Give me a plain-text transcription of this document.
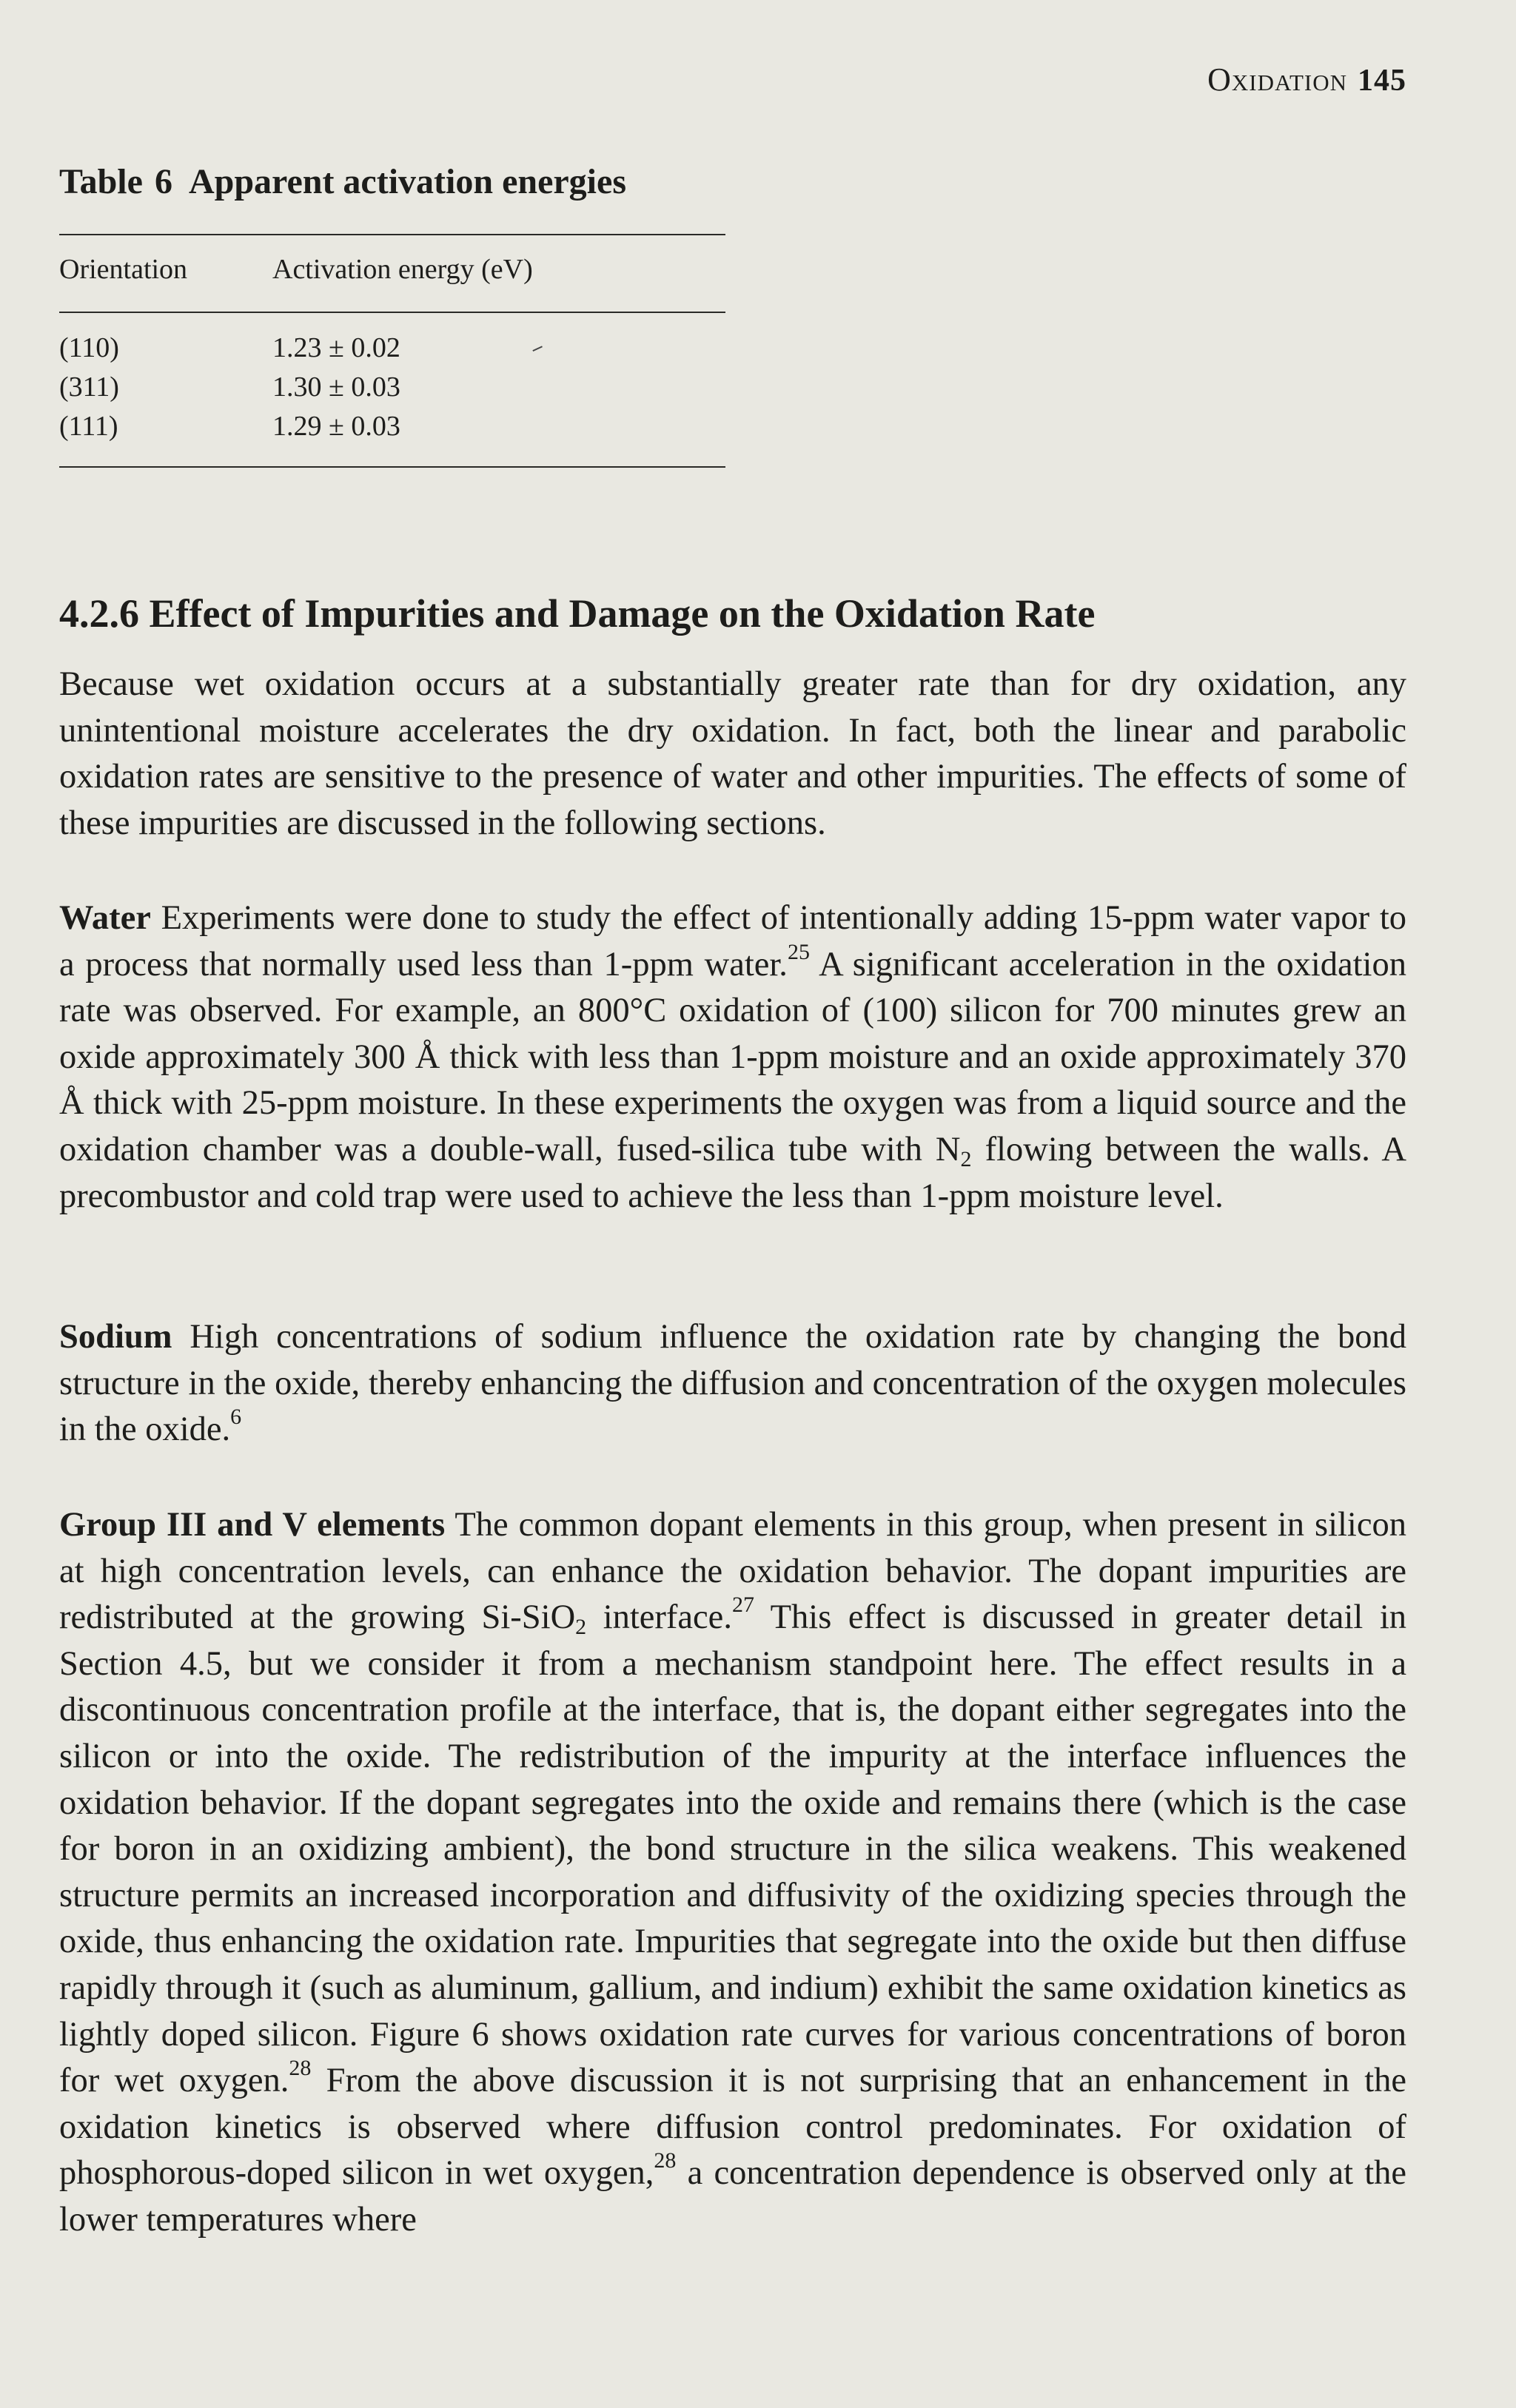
Oxidation 145
Table 6 Apparent activation energies
Orientation	Activation energy (eV)
(110)	1.23 ± 0.02
(311)	1.30 ± 0.03
(111)	1.29 ± 0.03
4.2.6 Effect of Impurities and Damage on the Oxidation Rate

Because wet oxidation occurs at a substantially greater rate than for dry oxidation, any unintentional moisture accelerates the dry oxidation. In fact, both the linear and parabolic oxidation rates are sensitive to the presence of water and other impurities. The effects of some of these impurities are discussed in the following sections.

Water Experiments were done to study the effect of intentionally adding 15-ppm water vapor to a process that normally used less than 1-ppm water.$^{25}$ A significant acceleration in the oxidation rate was observed. For example, an 800°C oxidation of (100) silicon for 700 minutes grew an oxide approximately 300 Å thick with less than 1-ppm moisture and an oxide approximately 370 Å thick with 25-ppm moisture. In these experiments the oxygen was from a liquid source and the oxidation chamber was a double-wall, fused-silica tube with $N_2$ flowing between the walls. A precombustor and cold trap were used to achieve the less than 1-ppm moisture level.

Sodium High concentrations of sodium influence the oxidation rate by changing the bond structure in the oxide, thereby enhancing the diffusion and concentration of the oxygen molecules in the oxide.$^6$

Group III and V elements The common dopant elements in this group, when present in silicon at high concentration levels, can enhance the oxidation behavior. The dopant impurities are redistributed at the growing Si-SiO$_2$ interface.$^{27}$ This effect is discussed in greater detail in Section 4.5, but we consider it from a mechanism standpoint here. The effect results in a discontinuous concentration profile at the interface, that is, the dopant either segregates into the silicon or into the oxide. The redistribution of the impurity at the interface influences the oxidation behavior. If the dopant segregates into the oxide and remains there (which is the case for boron in an oxidizing ambient), the bond structure in the silica weakens. This weakened structure permits an increased incorporation and diffusivity of the oxidizing species through the oxide, thus enhancing the oxidation rate. Impurities that segregate into the oxide but then diffuse rapidly through it (such as aluminum, gallium, and indium) exhibit the same oxidation kinetics as lightly doped silicon. Figure 6 shows oxidation rate curves for various concentrations of boron for wet oxygen.$^{28}$ From the above discussion it is not surprising that an enhancement in the oxidation kinetics is observed where diffusion control predominates. For oxidation of phosphorous-doped silicon in wet oxygen,$^{28}$ a concentration dependence is observed only at the lower temperatures where
